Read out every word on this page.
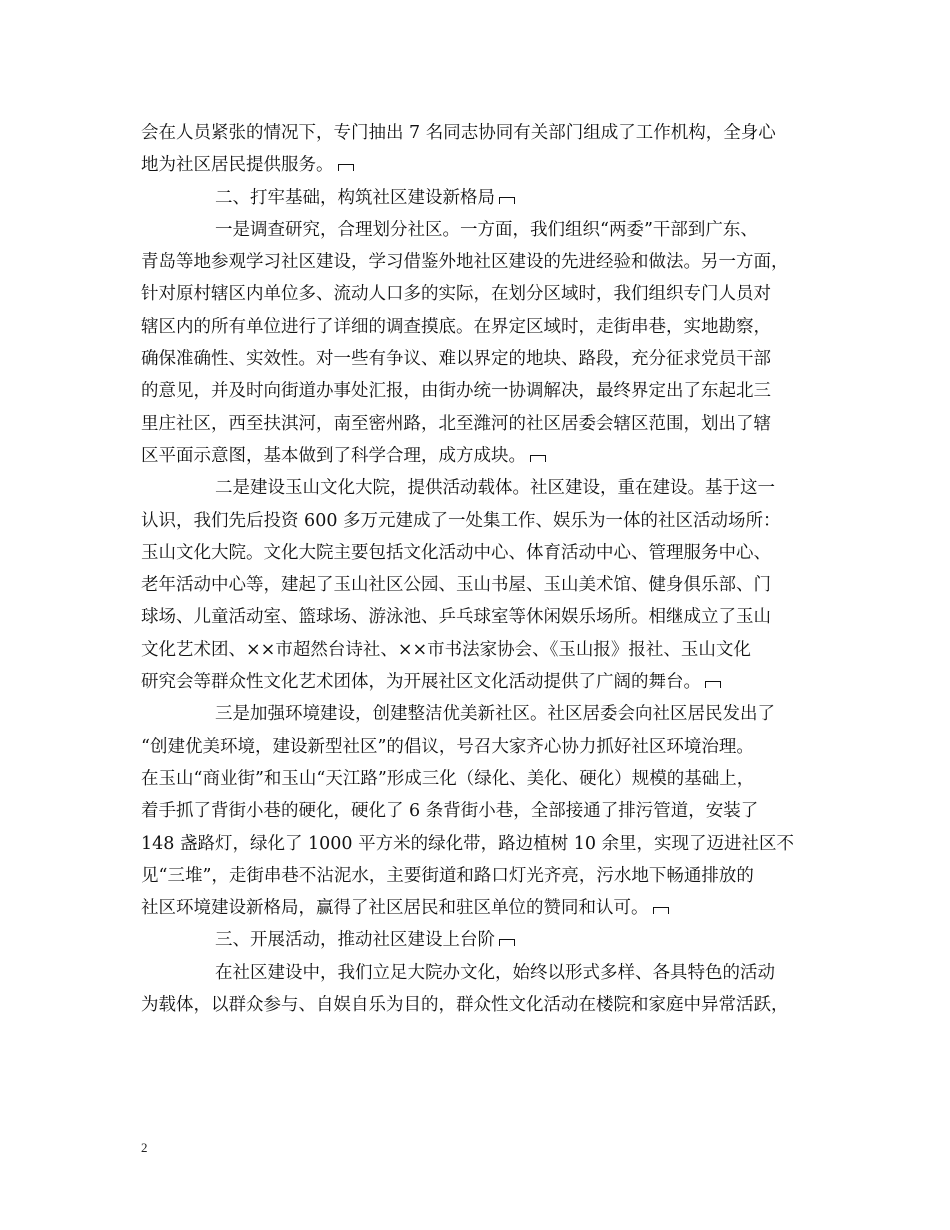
会在人员紧张的情况下，专门抽出 7 名同志协同有关部门组成了工作机构，全身心
地为社区居民提供服务。
二、打牢基础，构筑社区建设新格局
一是调查研究，合理划分社区。一方面，我们组织“两委”干部到广东、
青岛等地参观学习社区建设，学习借鉴外地社区建设的先进经验和做法。另一方面，
针对原村辖区内单位多、流动人口多的实际，在划分区域时，我们组织专门人员对
辖区内的所有单位进行了详细的调查摸底。在界定区域时，走街串巷，实地勘察，
确保准确性、实效性。对一些有争议、难以界定的地块、路段，充分征求党员干部
的意见，并及时向街道办事处汇报，由街办统一协调解决，最终界定出了东起北三
里庄社区，西至扶淇河，南至密州路，北至潍河的社区居委会辖区范围，划出了辖
区平面示意图，基本做到了科学合理，成方成块。
二是建设玉山文化大院，提供活动载体。社区建设，重在建设。基于这一
认识，我们先后投资 600 多万元建成了一处集工作、娱乐为一体的社区活动场所：
玉山文化大院。文化大院主要包括文化活动中心、体育活动中心、管理服务中心、
老年活动中心等，建起了玉山社区公园、玉山书屋、玉山美术馆、健身俱乐部、门
球场、儿童活动室、篮球场、游泳池、乒乓球室等休闲娱乐场所。相继成立了玉山
文化艺术团、××市超然台诗社、××市书法家协会、《玉山报》报社、玉山文化
研究会等群众性文化艺术团体，为开展社区文化活动提供了广阔的舞台。
三是加强环境建设，创建整洁优美新社区。社区居委会向社区居民发出了
“创建优美环境，建设新型社区”的倡议，号召大家齐心协力抓好社区环境治理。
在玉山“商业街”和玉山“天江路”形成三化（绿化、美化、硬化）规模的基础上，
着手抓了背街小巷的硬化，硬化了 6 条背街小巷，全部接通了排污管道，安装了
148 盏路灯，绿化了 1000 平方米的绿化带，路边植树 10 余里，实现了迈进社区不
见“三堆”，走街串巷不沾泥水，主要街道和路口灯光齐亮，污水地下畅通排放的
社区环境建设新格局，赢得了社区居民和驻区单位的赞同和认可。
三、开展活动，推动社区建设上台阶
在社区建设中，我们立足大院办文化，始终以形式多样、各具特色的活动
为载体，以群众参与、自娱自乐为目的，群众性文化活动在楼院和家庭中异常活跃，
2
